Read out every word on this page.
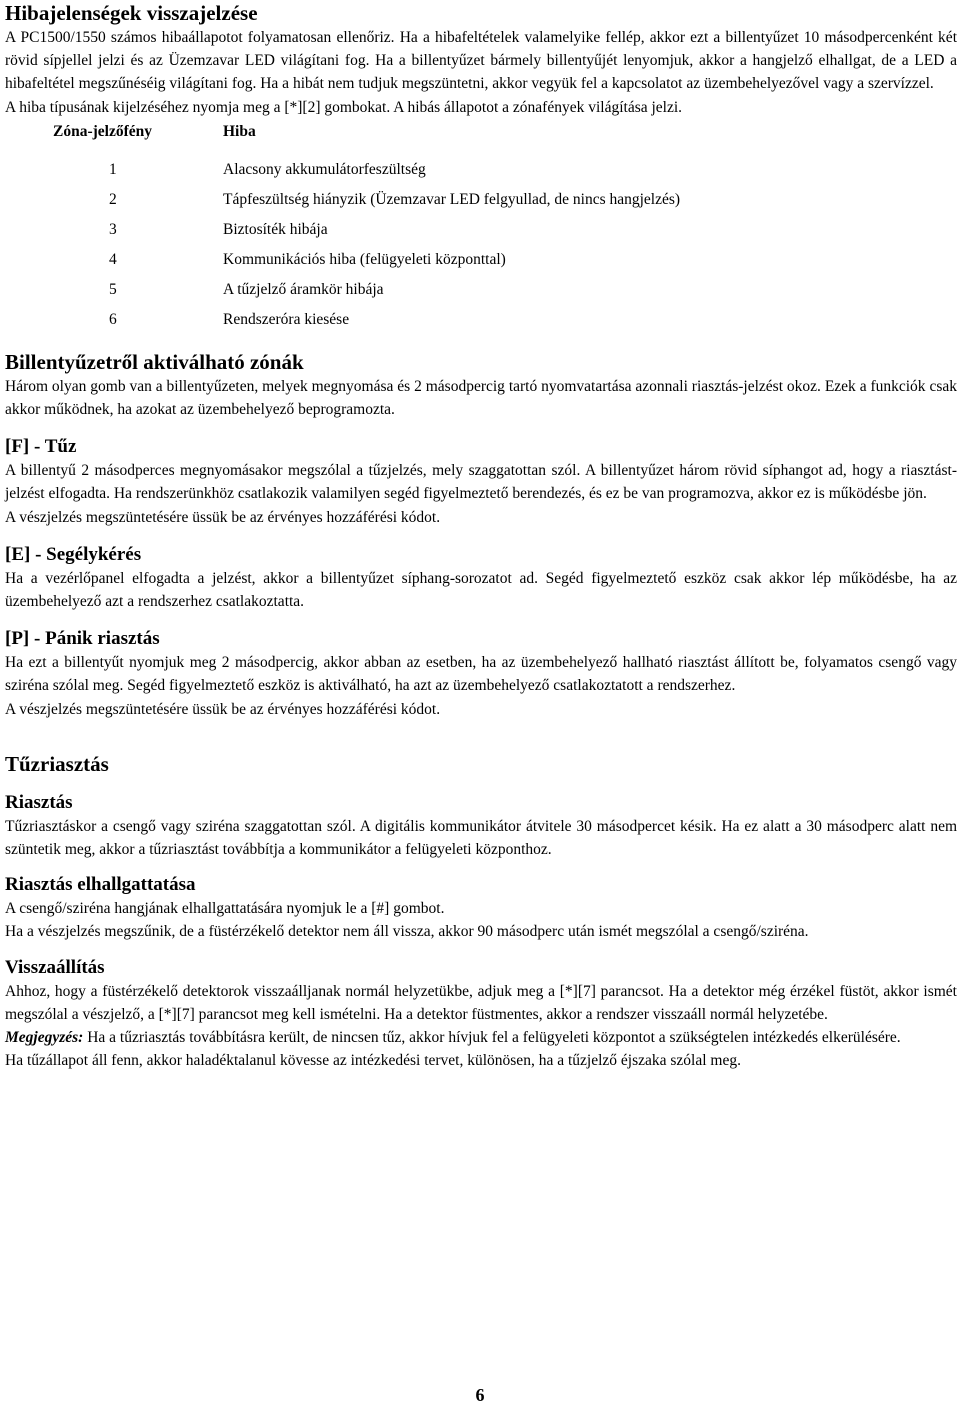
Hibajelenségek visszajelzése

A PC1500/1550 számos hibaállapotot folyamatosan ellenőriz. Ha a hibafeltételek valamelyike fellép, akkor ezt a billentyűzet 10 másodpercenként két rövid sípjellel jelzi és az Üzemzavar LED világítani fog. Ha a billentyűzet bármely billentyűjét lenyomjuk, akkor a hangjelző elhallgat, de a LED a hibafeltétel megszűnéséig világítani fog. Ha a hibát nem tudjuk megszüntetni, akkor vegyük fel a kapcsolatot az üzembehelyezővel vagy a szervízzel.

A hiba típusának kijelzéséhez nyomja meg a [*][2] gombokat. A hibás állapotot a zónafények világítása jelzi.

Zóna-jelzőfény	Hiba
1	Alacsony akkumulátorfeszültség
2	Tápfeszültség hiányzik (Üzemzavar LED felgyullad, de nincs hangjelzés)
3	Biztosíték hibája
4	Kommunikációs hiba (felügyeleti központtal)
5	A tűzjelző áramkör hibája
6	Rendszeróra kiesése
Billentyűzetről aktiválható zónák

Három olyan gomb van a billentyűzeten, melyek megnyomása és 2 másodpercig tartó nyomvatartása azonnali riasztás-jelzést okoz. Ezek a funkciók csak akkor működnek, ha azokat az üzembehelyező beprogramozta.

[F] - Tűz

A billentyű 2 másodperces megnyomásakor megszólal a tűzjelzés, mely szaggatottan szól. A billentyűzet három rövid síphangot ad, hogy a riasztást-jelzést elfogadta. Ha rendszerünkhöz csatlakozik valamilyen segéd figyelmeztető berendezés, és ez be van programozva, akkor ez is működésbe jön.

A vészjelzés megszüntetésére üssük be az érvényes hozzáférési kódot.

[E] - Segélykérés

Ha a vezérlőpanel elfogadta a jelzést, akkor a billentyűzet síphang-sorozatot ad. Segéd figyelmeztető eszköz csak akkor lép működésbe, ha az üzembehelyező azt a rendszerhez csatlakoztatta.

[P] - Pánik riasztás

Ha ezt a billentyűt nyomjuk meg 2 másodpercig, akkor abban az esetben, ha az üzembehelyező hallható riasztást állított be, folyamatos csengő vagy sziréna szólal meg. Segéd figyelmeztető eszköz is aktiválható, ha azt az üzembehelyező csatlakoztatott a rendszerhez.

A vészjelzés megszüntetésére üssük be az érvényes hozzáférési kódot.

Tűzriasztás
Riasztás

Tűzriasztáskor a csengő vagy sziréna szaggatottan szól. A digitális kommunikátor átvitele 30 másodpercet késik. Ha ez alatt a 30 másodperc alatt nem szüntetik meg, akkor a tűzriasztást továbbítja a kommunikátor a felügyeleti központhoz.

Riasztás elhallgattatása

A csengő/sziréna hangjának elhallgattatására nyomjuk le a [#] gombot.

Ha a vészjelzés megszűnik, de a füstérzékelő detektor nem áll vissza, akkor 90 másodperc után ismét megszólal a csengő/sziréna.

Visszaállítás

Ahhoz, hogy a füstérzékelő detektorok visszaálljanak normál helyzetükbe, adjuk meg a [*][7] parancsot. Ha a detektor még érzékel füstöt, akkor ismét megszólal a vészjelző, a [*][7] parancsot meg kell ismételni. Ha a detektor füstmentes, akkor a rendszer visszaáll normál helyzetébe.

Megjegyzés: Ha a tűzriasztás továbbításra került, de nincsen tűz, akkor hívjuk fel a felügyeleti központot a szükségtelen intézkedés elkerülésére.

Ha tűzállapot áll fenn, akkor haladéktalanul kövesse az intézkedési tervet, különösen, ha a tűzjelző éjszaka szólal meg.

6
